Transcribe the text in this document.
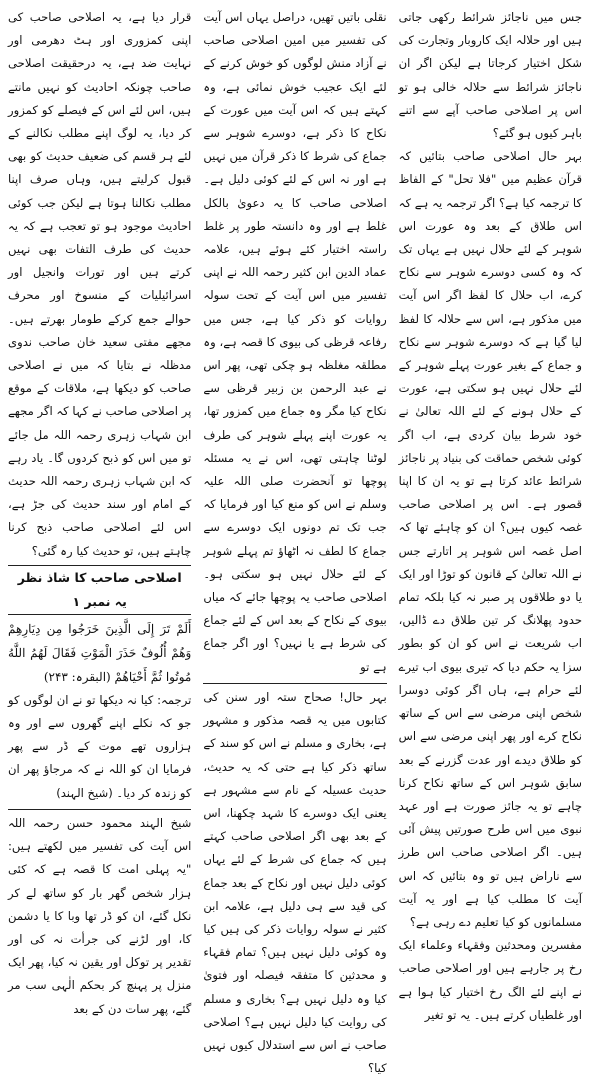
جس میں ناجائز شرائط رکھی جاتی ہیں اور حلالہ ایک کاروبار وتجارت کی شکل اختیار کرجاتا ہے لیکن اگر ان ناجائز شرائط سے حلالہ خالی ہو تو اس پر اصلاحی صاحب آپے سے اتنے باہر کیوں ہو گئے؟

بہر حال اصلاحی صاحب بتائیں کہ قرآن عظیم میں "فلا تحل" کے الفاظ کا ترجمہ کیا ہے؟ اگر ترجمہ یہ ہے کہ اس طلاق کے بعد وہ عورت اس شوہر کے لئے حلال نہیں ہے یہاں تک کہ وہ کسی دوسرے شوہر سے نکاح کرے، اب حلال کا لفظ اگر اس آیت میں مذکور ہے، اس سے حلالہ کا لفظ لیا گیا ہے کہ دوسرے شوہر سے نکاح و جماع کے بغیر عورت پہلے شوہر کے لئے حلال نہیں ہو سکتی ہے، عورت کے حلال ہونے کے لئے اللہ تعالیٰ نے خود شرط بیان کردی ہے، اب اگر کوئی شخص حماقت کی بنیاد پر ناجائز شرائط عائد کرتا ہے تو یہ ان کا اپنا قصور ہے۔ اس پر اصلاحی صاحب غصہ کیوں ہیں؟ ان کو چاہئے تھا کہ اصل غصہ اس شوہر پر اتارتے جس نے اللہ تعالیٰ کے قانون کو توڑا اور ایک یا دو طلاقوں پر صبر نہ کیا بلکہ تمام حدود پھلانگ کر تین طلاق دے ڈالیں، اب شریعت نے اس کو ان کو بطور سزا یہ حکم دیا کہ تیری بیوی اب تیرے لئے حرام ہے، ہاں اگر کوئی دوسرا شخص اپنی مرضی سے اس کے ساتھ نکاح کرے اور پھر اپنی مرضی سے اس کو طلاق دیدے اور عدت گزرنے کے بعد سابق شوہر اس کے ساتھ نکاح کرنا چاہے تو یہ جائز صورت ہے اور عہد نبوی میں اس طرح صورتیں پیش آئی ہیں۔ اگر اصلاحی صاحب اس طرز سے ناراض ہیں تو وہ بتائیں کہ اس آیت کا مطلب کیا ہے اور یہ آیت مسلمانوں کو کیا تعلیم دے رہی ہے؟

مفسرین ومحدثین وفقہاء وعلماء ایک رخ پر جارہے ہیں اور اصلاحی صاحب نے اپنے لئے الگ رخ اختیار کیا ہوا ہے اور غلطیاں کرتے ہیں۔ یہ تو تغیر

نقلی باتیں تھیں، دراصل یہاں اس آیت کی تفسیر میں امین اصلاحی صاحب نے آزاد منش لوگوں کو خوش کرنے کے لئے ایک عجیب خوش نمائی ہے، وہ کہتے ہیں کہ اس آیت میں عورت کے نکاح کا ذکر ہے، دوسرے شوہر سے جماع کی شرط کا ذکر قرآن میں نہیں ہے اور نہ اس کے لئے کوئی دلیل ہے۔ اصلاحی صاحب کا یہ دعویٰ بالکل غلط ہے اور وہ دانستہ طور پر غلط راستہ اختیار کئے ہوئے ہیں، علامہ عماد الدین ابن کثیر رحمہ اللہ نے اپنی تفسیر میں اس آیت کے تحت سولہ روایات کو ذکر کیا ہے، جس میں رفاعہ قرظی کی بیوی کا قصہ ہے، وہ مطلقہ مغلظہ ہو چکی تھی، پھر اس نے عبد الرحمن بن زبیر قرظی سے نکاح کیا مگر وہ جماع میں کمزور تھا، یہ عورت اپنے پہلے شوہر کی طرف لوٹنا چاہتی تھی، اس نے یہ مسئلہ پوچھا تو آنحضرت صلی اللہ علیہ وسلم نے اس کو منع کیا اور فرمایا کہ جب تک تم دونوں ایک دوسرے سے جماع کا لطف نہ اٹھاؤ تم پہلے شوہر کے لئے حلال نہیں ہو سکتی ہو۔ اصلاحی صاحب یہ پوچھا جائے کہ میاں بیوی کے نکاح کے بعد اس کے لئے جماع کی شرط ہے یا نہیں؟ اور اگر جماع ہے تو

بہر حال! صحاح ستہ اور سنن کی کتابوں میں یہ قصہ مذکور و مشہور ہے، بخاری و مسلم نے اس کو سند کے ساتھ ذکر کیا ہے حتی کہ یہ حدیث، حدیث عسیلہ کے نام سے مشہور ہے یعنی ایک دوسرے کا شہد چکھنا، اس کے بعد بھی اگر اصلاحی صاحب کہتے ہیں کہ جماع کی شرط کے لئے یہاں کوئی دلیل نہیں اور نکاح کے بعد جماع کی قید سے ہی دلیل ہے، علامہ ابن کثیر نے سولہ روایات ذکر کی ہیں کیا وہ کوئی دلیل نہیں ہیں؟ تمام فقہاء و محدثین کا متفقہ فیصلہ اور فتویٰ کیا وہ دلیل نہیں ہے؟ بخاری و مسلم کی روایت کیا دلیل نہیں ہے؟ اصلاحی صاحب نے اس سے استدلال کیوں نہیں کیا؟

قرار دیا ہے، یہ اصلاحی صاحب کی اپنی کمزوری اور ہٹ دھرمی اور نہایت ضد ہے، یہ درحقیقت اصلاحی صاحب چونکہ احادیث کو نہیں مانتے ہیں، اس لئے اس کے فیصلے کو کمزور کر دیا، یہ لوگ اپنے مطلب نکالنے کے لئے ہر قسم کی ضعیف حدیث کو بھی قبول کرلیتے ہیں، وہاں صرف اپنا مطلب نکالنا ہوتا ہے لیکن جب کوئی احادیث موجود ہو تو تعجب ہے کہ یہ حدیث کی طرف التفات بھی نہیں کرتے ہیں اور تورات وانجیل اور اسرائیلیات کے منسوخ اور محرف حوالے جمع کرکے طومار بھرتے ہیں۔ مجھے مفتی سعید خان صاحب ندوی مدظلہ نے بتایا کہ میں نے اصلاحی صاحب کو دیکھا ہے، ملاقات کے موقع پر اصلاحی صاحب نے کہا کہ اگر مجھے ابن شہاب زہری رحمہ اللہ مل جائے تو میں اس کو ذبح کردوں گا۔ یاد رہے کہ ابن شہاب زہری رحمہ اللہ حدیث کے امام اور سند حدیث کی جڑ ہے، اس لئے اصلاحی صاحب ذبح کرنا چاہتے ہیں، تو حدیث کیا رہ گئی؟

اصلاحی صاحب کا شاذ نظر یہ نمبر ۱

أَلَمْ تَرَ إِلَى الَّذِينَ خَرَجُوا مِن دِيَارِهِمْ وَهُمْ أُلُوفٌ حَذَرَ الْمَوْتِ فَقَالَ لَهُمُ اللَّهُ مُوتُوا ثُمَّ أَحْيَاهُمْ (البقرہ: ۲۴۳)

ترجمہ: کیا نہ دیکھا تو نے ان لوگوں کو جو کہ نکلے اپنے گھروں سے اور وہ ہزاروں تھے موت کے ڈر سے پھر فرمایا ان کو اللہ نے کہ مرجاؤ پھر ان کو زندہ کر دیا۔ (شیخ الہند)

شیخ الہند محمود حسن رحمہ اللہ اس آیت کی تفسیر میں لکھتے ہیں: "یہ پہلی امت کا قصہ ہے کہ کئی ہزار شخص گھر بار کو ساتھ لے کر نکل گئے، ان کو ڈر تھا وبا کا یا دشمن کا، اور لڑنے کی جرأت نہ کی اور تقدیر پر توکل اور یقین نہ کیا، پھر ایک منزل پر پہنچ کر بحکم الٰہی سب مر گئے، پھر سات دن کے بعد
